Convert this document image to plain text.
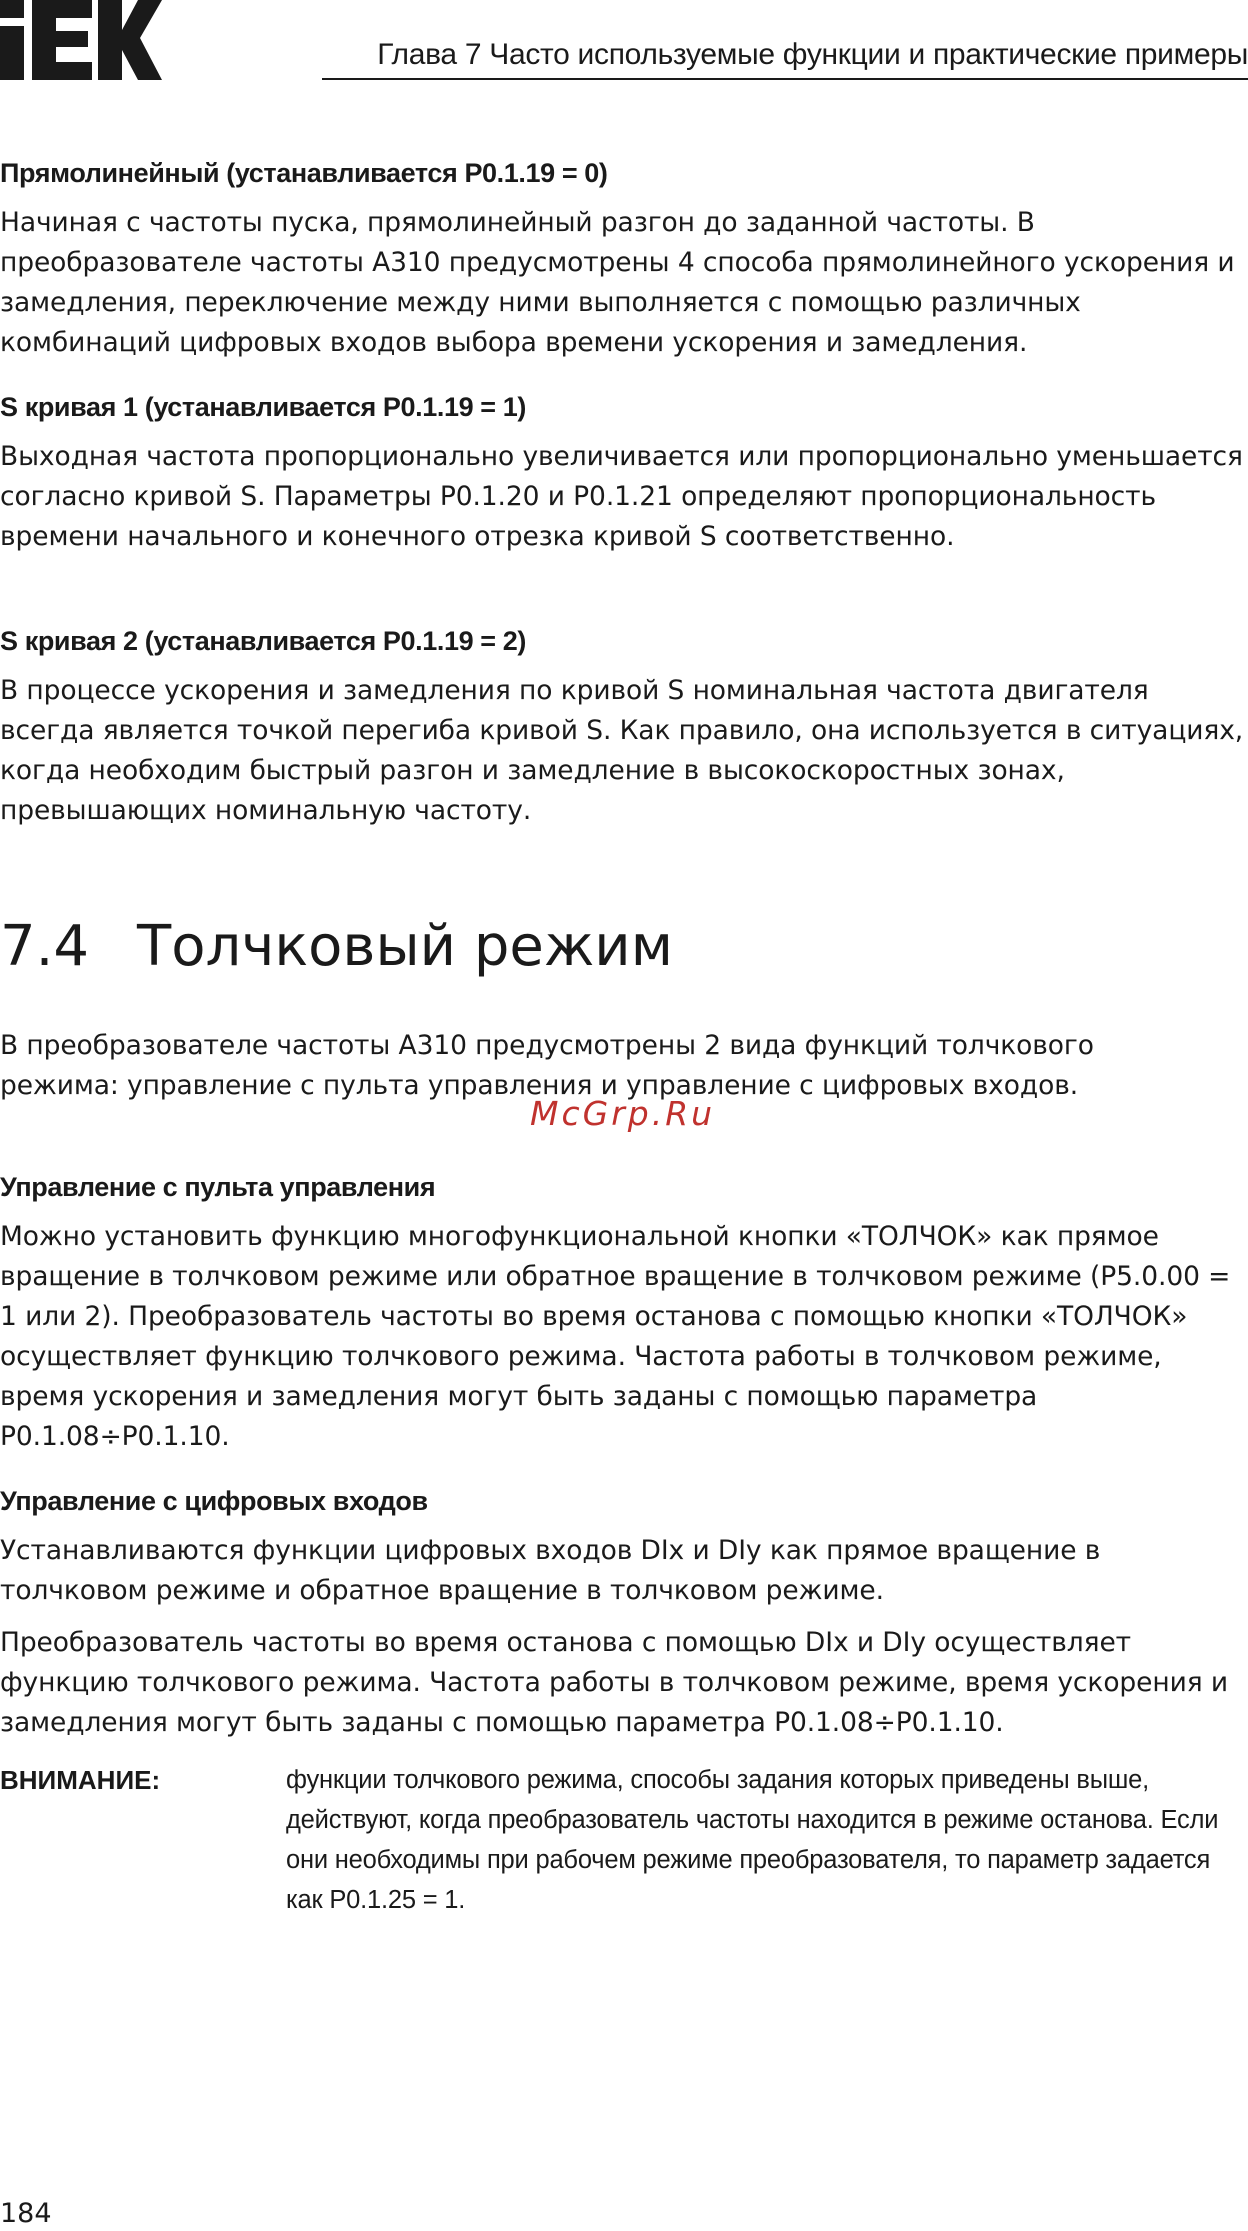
Глава 7 Часто используемые функции и практические примеры
Прямолинейный (устанавливается P0.1.19 = 0)

Начиная с частоты пуска, прямолинейный разгон до заданной частоты. В преобразователе частоты A310 предусмотрены 4 способа прямолинейного ускорения и замедления, переключение между ними выполняется с помощью различных комбинаций цифровых входов выбора времени ускорения и замедления.

S кривая 1 (устанавливается P0.1.19 = 1)

Выходная частота пропорционально увеличивается или пропорционально уменьшается согласно кривой S. Параметры P0.1.20 и P0.1.21 определяют пропорциональность времени начального и конечного отрезка кривой S соответственно.

S кривая 2 (устанавливается P0.1.19 = 2)

В процессе ускорения и замедления по кривой S номинальная частота двигателя всегда является точкой перегиба кривой S. Как правило, она используется в ситуациях, когда необходим быстрый разгон и замедление в высокоскоростных зонах, превышающих номинальную частоту.

7.4 Толчковый режим

В преобразователе частоты A310 предусмотрены 2 вида функций толчкового режима: управление с пульта управления и управление с цифровых входов.

McGrp.Ru
Управление с пульта управления

Можно установить функцию многофункциональной кнопки «ТОЛЧОК» как прямое вращение в толчковом режиме или обратное вращение в толчковом режиме (P5.0.00 = 1 или 2). Преобразователь частоты во время останова с помощью кнопки «ТОЛЧОК» осуществляет функцию толчкового режима. Частота работы в толчковом режиме, время ускорения и замедления могут быть заданы с помощью параметра P0.1.08÷P0.1.10.

Управление с цифровых входов

Устанавливаются функции цифровых входов DIx и DIy как прямое вращение в толчковом режиме и обратное вращение в толчковом режиме.

Преобразователь частоты во время останова с помощью DIx и DIy осуществляет функцию толчкового режима. Частота работы в толчковом режиме, время ускорения и замедления могут быть заданы с помощью параметра P0.1.08÷P0.1.10.

ВНИМАНИЕ:	функции толчкового режима, способы задания которых приведены выше, действуют, когда преобразователь частоты находится в режиме останова. Если они необходимы при рабочем режиме преобразователя, то параметр задается как P0.1.25 = 1.
184
